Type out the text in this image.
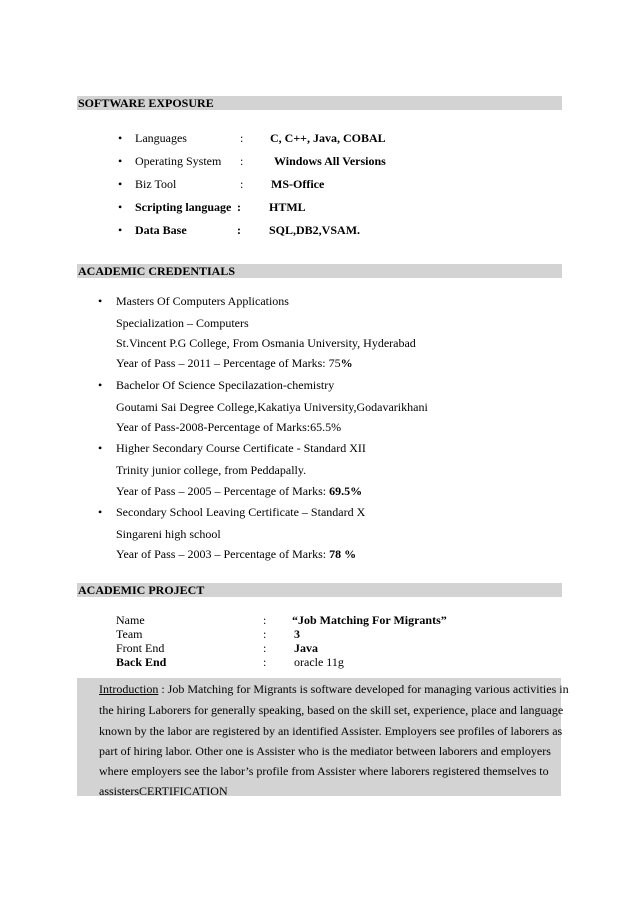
SOFTWARE EXPOSURE
• Languages	: C, C++, Java, COBAL
• Operating System :	Windows All Versions
• Biz Tool	: MS-Office
• Scripting language : HTML
• Data Base	: SQL,DB2,VSAM.
ACADEMIC CREDENTIALS
• Masters Of Computers Applications
Specialization – Computers
St.Vincent P.G College, From Osmania University, Hyderabad
Year of Pass – 2011 – Percentage of Marks: 75%
• Bachelor Of Science Specilazation-chemistry
Goutami Sai Degree College,Kakatiya University,Godavarikhani
Year of Pass-2008-Percentage of Marks:65.5%
• Higher Secondary Course Certificate - Standard XII
Trinity junior college, from Peddapally.
Year of Pass – 2005 – Percentage of Marks: 69.5%
• Secondary School Leaving Certificate – Standard X
Singareni high school
Year of Pass – 2003 – Percentage of Marks: 78 %
ACADEMIC PROJECT
Name	: “Job Matching For Migrants”
Team	: 3
Front End	: Java
Back End	: oracle 11g
Introduction : Job Matching for Migrants is software developed for managing various activities in
the hiring Laborers for generally speaking, based on the skill set, experience, place and language
known by the labor are registered by an identified Assister. Employers see profiles of laborers as
part of hiring labor. Other one is Assister who is the mediator between laborers and employers
where employers see the labor’s profile from Assister where laborers registered themselves to
assistersCERTIFICATION
